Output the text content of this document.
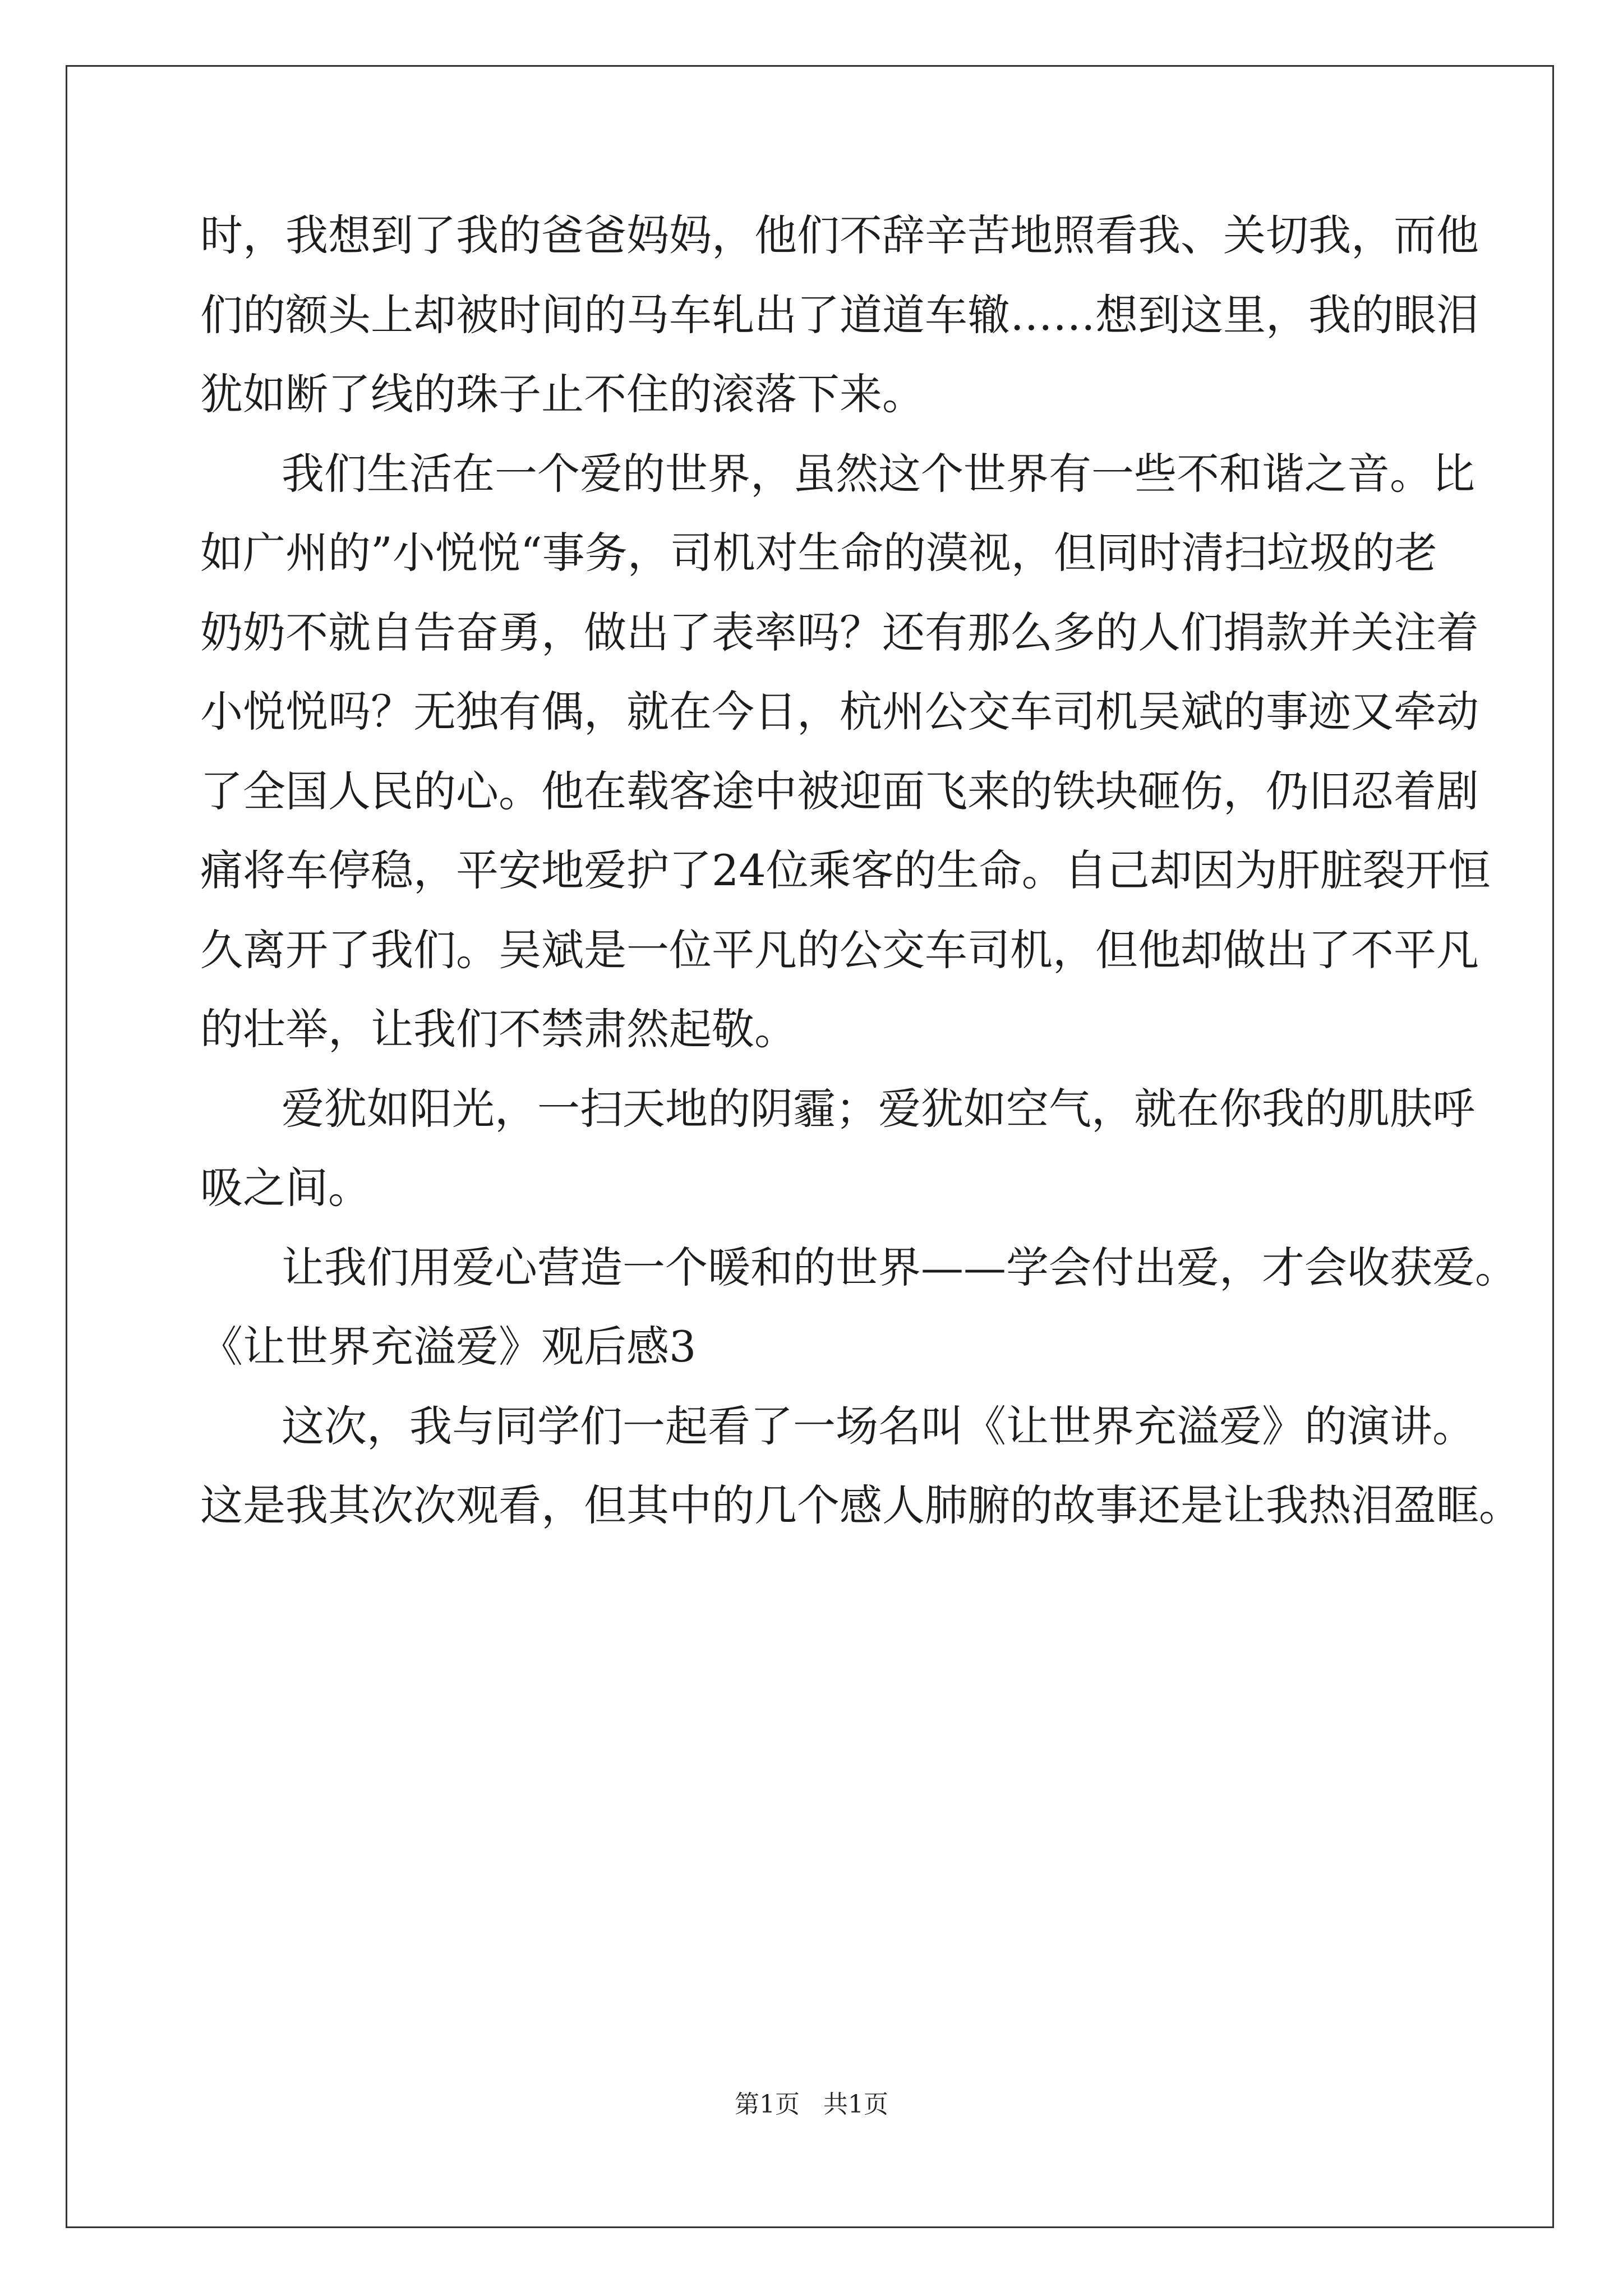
时，我想到了我的爸爸妈妈，他们不辞辛苦地照看我、关切我，而他
们的额头上却被时间的马车轧出了道道车辙……想到这里，我的眼泪
犹如断了线的珠子止不住的滚落下来。
我们生活在一个爱的世界，虽然这个世界有一些不和谐之音。比
如广州的”小悦悦“事务，司机对生命的漠视，但同时清扫垃圾的老
奶奶不就自告奋勇，做出了表率吗？还有那么多的人们捐款并关注着
小悦悦吗？无独有偶，就在今日，杭州公交车司机吴斌的事迹又牵动
了全国人民的心。他在载客途中被迎面飞来的铁块砸伤，仍旧忍着剧
痛将车停稳，平安地爱护了24位乘客的生命。自己却因为肝脏裂开恒
久离开了我们。吴斌是一位平凡的公交车司机，但他却做出了不平凡
的壮举，让我们不禁肃然起敬。
爱犹如阳光，一扫天地的阴霾；爱犹如空气，就在你我的肌肤呼
吸之间。
让我们用爱心营造一个暖和的世界——学会付出爱，才会收获爱。
《让世界充溢爱》观后感3
这次，我与同学们一起看了一场名叫《让世界充溢爱》的演讲。
这是我其次次观看，但其中的几个感人肺腑的故事还是让我热泪盈眶。
第1页   共1页
